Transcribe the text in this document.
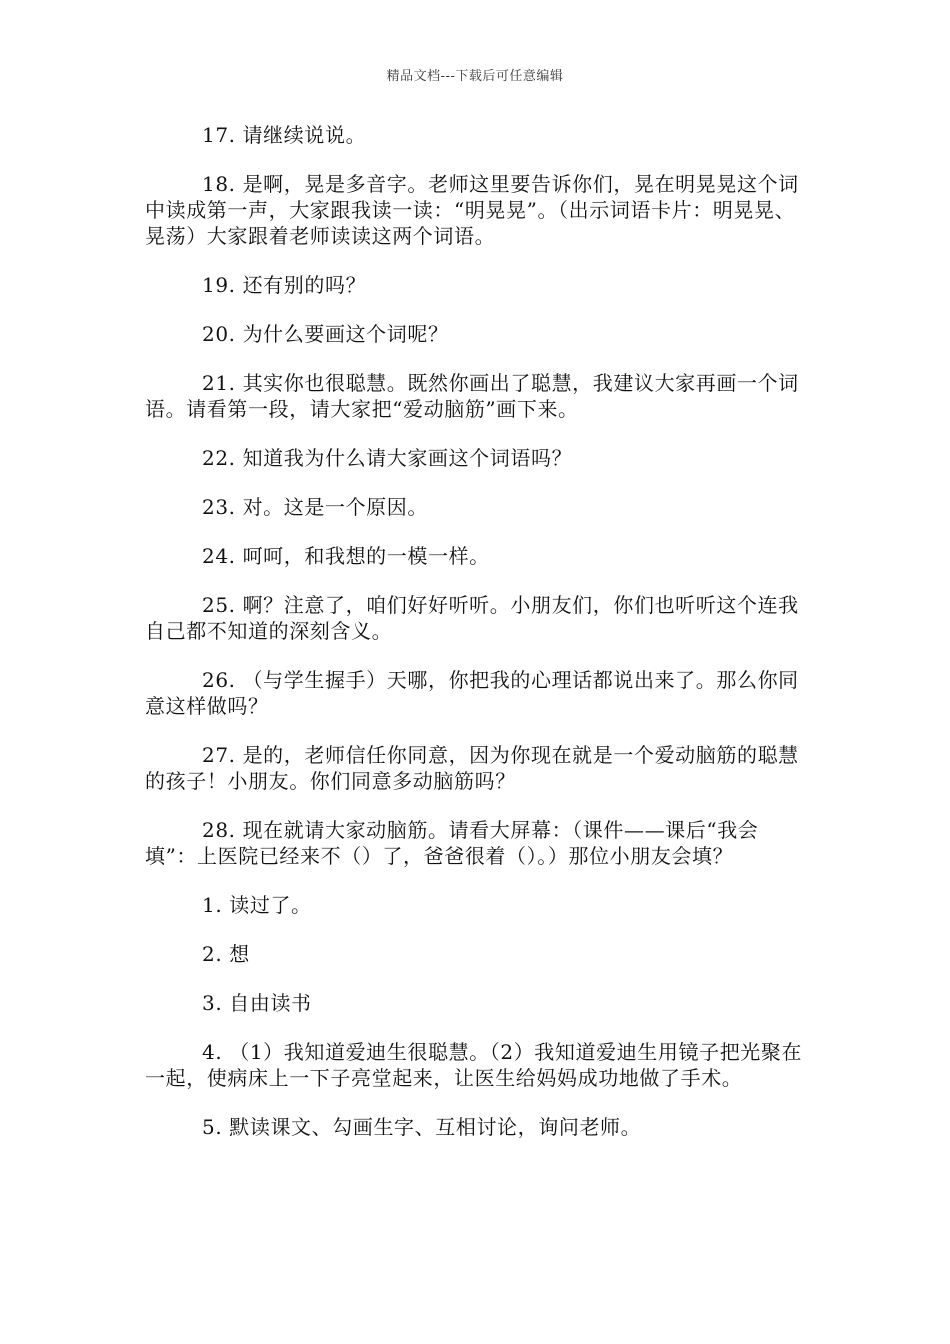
精品文档---下载后可任意编辑

17. 请继续说说。

18. 是啊，晃是多音字。老师这里要告诉你们，晃在明晃晃这个词中读成第一声，大家跟我读一读：“明晃晃”。（出示词语卡片：明晃晃、晃荡）大家跟着老师读读这两个词语。

19. 还有别的吗？

20. 为什么要画这个词呢？

21. 其实你也很聪慧。既然你画出了聪慧，我建议大家再画一个词语。请看第一段，请大家把“爱动脑筋”画下来。

22. 知道我为什么请大家画这个词语吗？

23. 对。这是一个原因。

24. 呵呵，和我想的一模一样。

25. 啊？注意了，咱们好好听听。小朋友们，你们也听听这个连我自己都不知道的深刻含义。

26. （与学生握手）天哪，你把我的心理话都说出来了。那么你同意这样做吗？

27. 是的，老师信任你同意，因为你现在就是一个爱动脑筋的聪慧的孩子！小朋友。你们同意多动脑筋吗？

28. 现在就请大家动脑筋。请看大屏幕：（课件——课后“我会填”：上医院已经来不（）了，爸爸很着（）。）那位小朋友会填？

1. 读过了。

2. 想

3. 自由读书

4. （1）我知道爱迪生很聪慧。（2）我知道爱迪生用镜子把光聚在一起，使病床上一下子亮堂起来，让医生给妈妈成功地做了手术。

5. 默读课文、勾画生字、互相讨论，询问老师。
